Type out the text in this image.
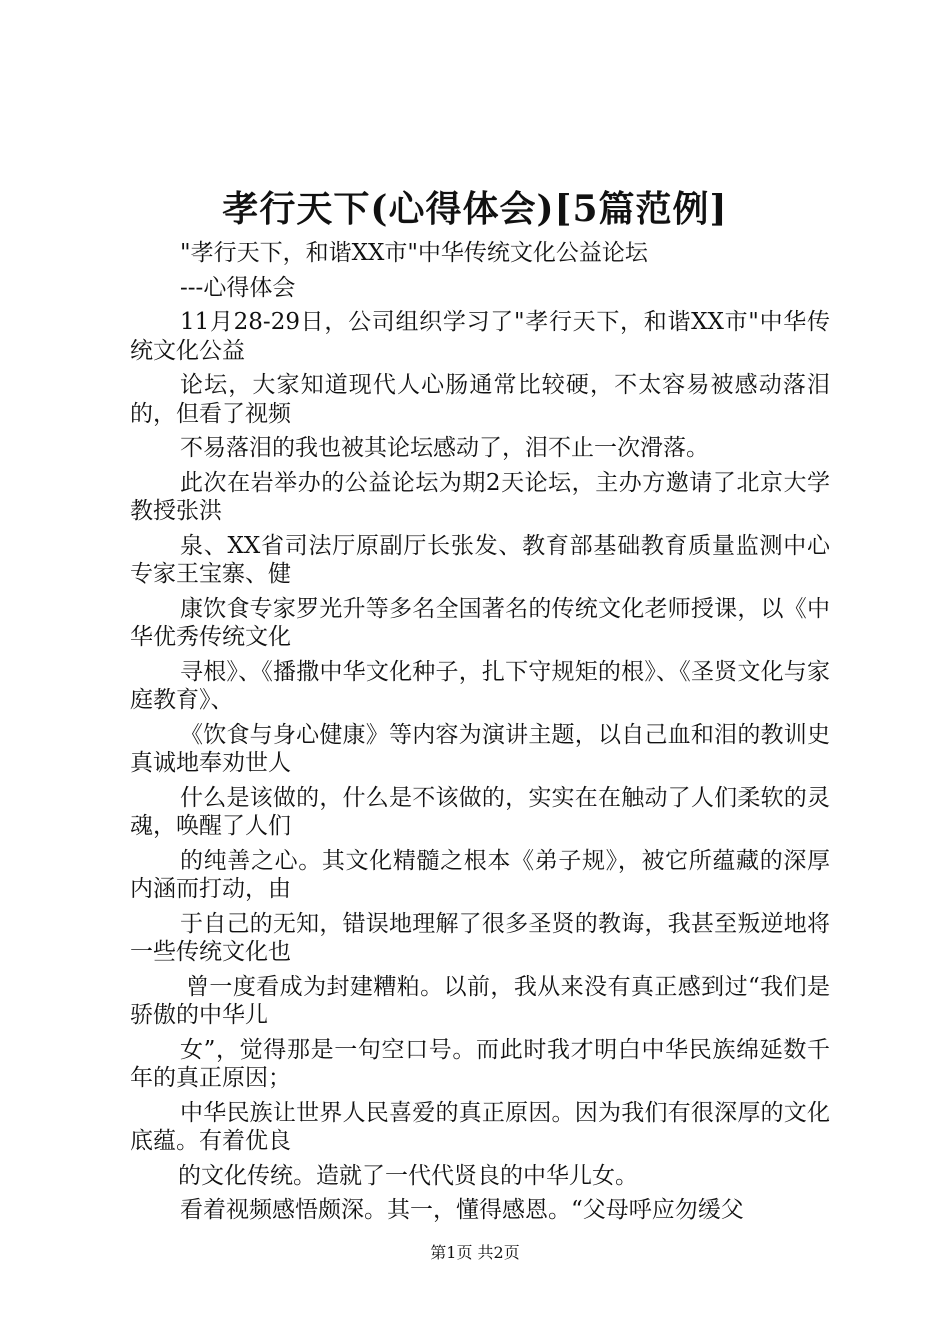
孝行天下(心得体会)[5篇范例]

"孝行天下，和谐XX市"中华传统文化公益论坛

---心得体会

11月28-29日，公司组织学习了"孝行天下，和谐XX市"中华传统文化公益

论坛，大家知道现代人心肠通常比较硬，不太容易被感动落泪的，但看了视频

不易落泪的我也被其论坛感动了，泪不止一次滑落。

此次在岩举办的公益论坛为期2天论坛，主办方邀请了北京大学教授张洪

泉、XX省司法厅原副厅长张发、教育部基础教育质量监测中心专家王宝寨、健

康饮食专家罗光升等多名全国著名的传统文化老师授课，以《中华优秀传统文化

寻根》、《播撒中华文化种子，扎下守规矩的根》、《圣贤文化与家庭教育》、

《饮食与身心健康》等内容为演讲主题，以自己血和泪的教训史真诚地奉劝世人

什么是该做的，什么是不该做的，实实在在触动了人们柔软的灵魂，唤醒了人们

的纯善之心。其文化精髓之根本《弟子规》，被它所蕴藏的深厚内涵而打动，由

于自己的无知，错误地理解了很多圣贤的教诲，我甚至叛逆地将一些传统文化也

曾一度看成为封建糟粕。以前，我从来没有真正感到过“我们是骄傲的中华儿

女”，觉得那是一句空口号。而此时我才明白中华民族绵延数千年的真正原因；

中华民族让世界人民喜爱的真正原因。因为我们有很深厚的文化底蕴。有着优良

的文化传统。造就了一代代贤良的中华儿女。

看着视频感悟颇深。其一，懂得感恩。“父母呼应勿缓父

第1页 共2页
